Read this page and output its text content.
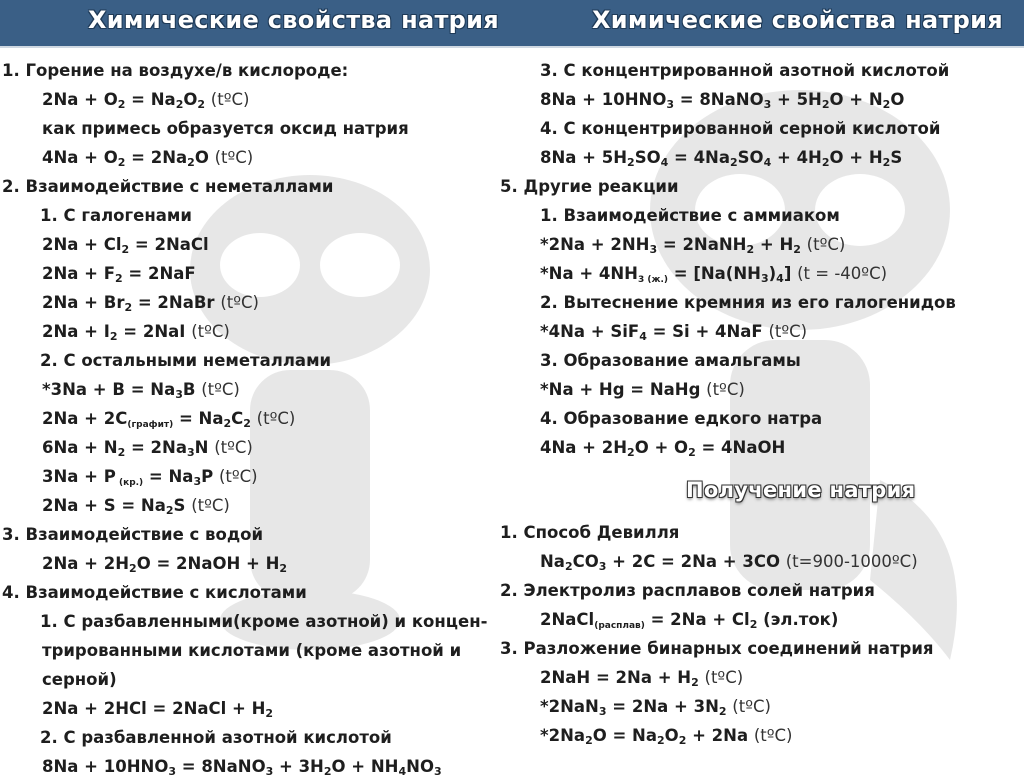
Химические свойства натрия	Химические свойства натрия
1. Горение на воздухе/в кислороде:
$2Na + O_2 = Na_2O_2$ (tºC)
как примесь образуется оксид натрия
$4Na + O_2 = 2Na_2O$ (tºC)
2. Взаимодействие с неметаллами
1. С галогенами
$2Na + Cl_2$ = 2NaCl
$2Na + F_2 = 2NaF$
$2Na + Br_2$ = 2NaBr (tºC)
$2Na + I_2 = 2NaI$ (tºC)
2. С остальными неметаллами
$*3Na + B = Na_3B$ (tºC)
$2Na + 2C_{(графит)} = Na_2C_2$ (tºC)
$6Na + N_2 = 2Na_3N$ (tºC)
3Na + P $_{(кр.)} = Na_3P$ (tºC)
$2Na + S = Na_2S$ (tºC)
3. Взаимодействие с водой
$2Na + 2H_2O$ = 2NaOH + $H_2$
4. Взаимодействие с кислотами
1. С разбавленными(кроме азотной) и концен-
трированными кислотами (кроме азотной и
серной)
2Na + 2HCl = 2NaCl + $H_2$
2. С разбавленной азотной кислотой
$8Na + 10HNO_3$ = 8NaNO$_3$ + $3H_2O + NH_4NO_3$
3. С концентрированной азотной кислотой
$8Na + 10HNO_3$ = 8NaNO$_3$ + $5H_2O + N_2O$
4. С концентрированной серной кислотой
$8Na + 5H_2SO_4 = 4Na_2SO_4 + 4H_2O + H_2S$
5. Другие реакции
1. Взаимодействие с аммиаком
$*2Na + 2NH_3$ = 2NaNH$_2$ + $H_2$ (tºC)
$*Na + 4NH_{3 (ж.)} = [Na(NH_3)_4] (t$ = -40ºC)
2. Вытеснение кремния из его галогенидов
*4Na + SiF$_4$ = Si + 4NaF (tºC)
3. Образование амальгамы
*Na + Hg = NaHg (tºC)
4. Образование едкого натра
$4Na + 2H_2O + O_2$ = 4NaOH
Получение натрия
1. Способ Девилля
$Na_2CO_3 + 2C = 2Na + 3CO$ (t=900-1000ºC)
2. Электролиз расплавов солей натрия
2NaCl$_{(расплав)}$ = $2Na + Cl_2$ (эл.ток)
3. Разложение бинарных соединений натрия
$2NaH = 2Na + H_2$ (tºC)
$*2NaN_3 = 2Na + 3N_2$ (tºC)
$*2Na_2O = Na_2O_2 + 2Na$ (tºC)
